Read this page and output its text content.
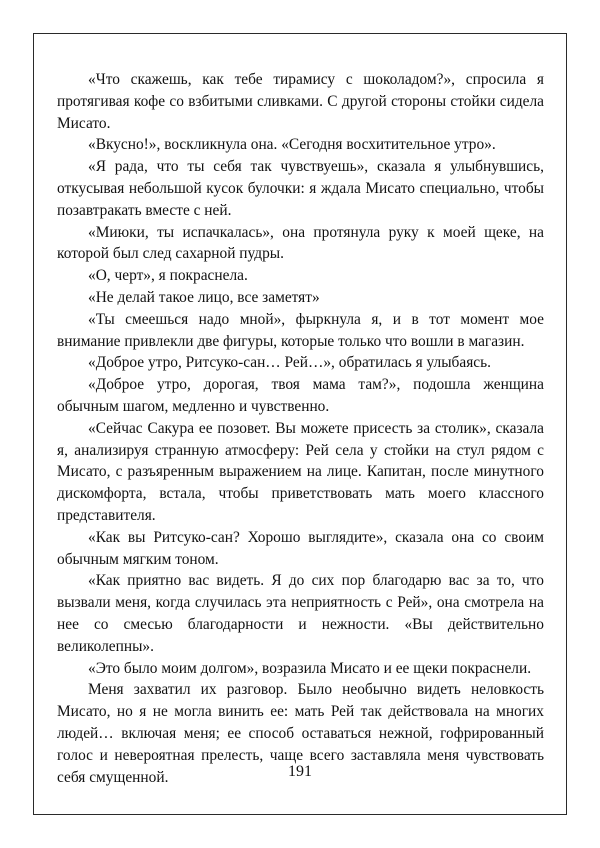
«Что скажешь, как тебе тирамису с шоколадом?», спросила я протягивая кофе со взбитыми сливками. С другой стороны стойки сидела Мисато.

«Вкусно!», воскликнула она. «Сегодня восхитительное утро».

«Я рада, что ты себя так чувствуешь», сказала я улыбнувшись, откусывая небольшой кусок булочки: я ждала Мисато специально, чтобы позавтракать вместе с ней.

«Миюки, ты испачкалась», она протянула руку к моей щеке, на которой был след сахарной пудры.

«О, черт», я покраснела.

«Не делай такое лицо, все заметят»

«Ты смеешься надо мной», фыркнула я, и в тот момент мое внимание привлекли две фигуры, которые только что вошли в магазин.

«Доброе утро, Ритсуко-сан… Рей…», обратилась я улыбаясь.

«Доброе утро, дорогая, твоя мама там?», подошла женщина обычным шагом, медленно и чувственно.

«Сейчас Сакура ее позовет. Вы можете присесть за столик», сказала я, анализируя странную атмосферу: Рей села у стойки на стул рядом с Мисато, с разъяренным выражением на лице. Капитан, после минутного дискомфорта, встала, чтобы приветствовать мать моего классного представителя.

«Как вы Ритсуко-сан? Хорошо выглядите», сказала она со своим обычным мягким тоном.

«Как приятно вас видеть. Я до сих пор благодарю вас за то, что вызвали меня, когда случилась эта неприятность с Рей», она смотрела на нее со смесью благодарности и нежности. «Вы действительно великолепны».

«Это было моим долгом», возразила Мисато и ее щеки покраснели.

Меня захватил их разговор. Было необычно видеть неловкость Мисато, но я не могла винить ее: мать Рей так действовала на многих людей… включая меня; ее способ оставаться нежной, гофрированный голос и невероятная прелесть, чаще всего заставляла меня чувствовать себя смущенной.	191
